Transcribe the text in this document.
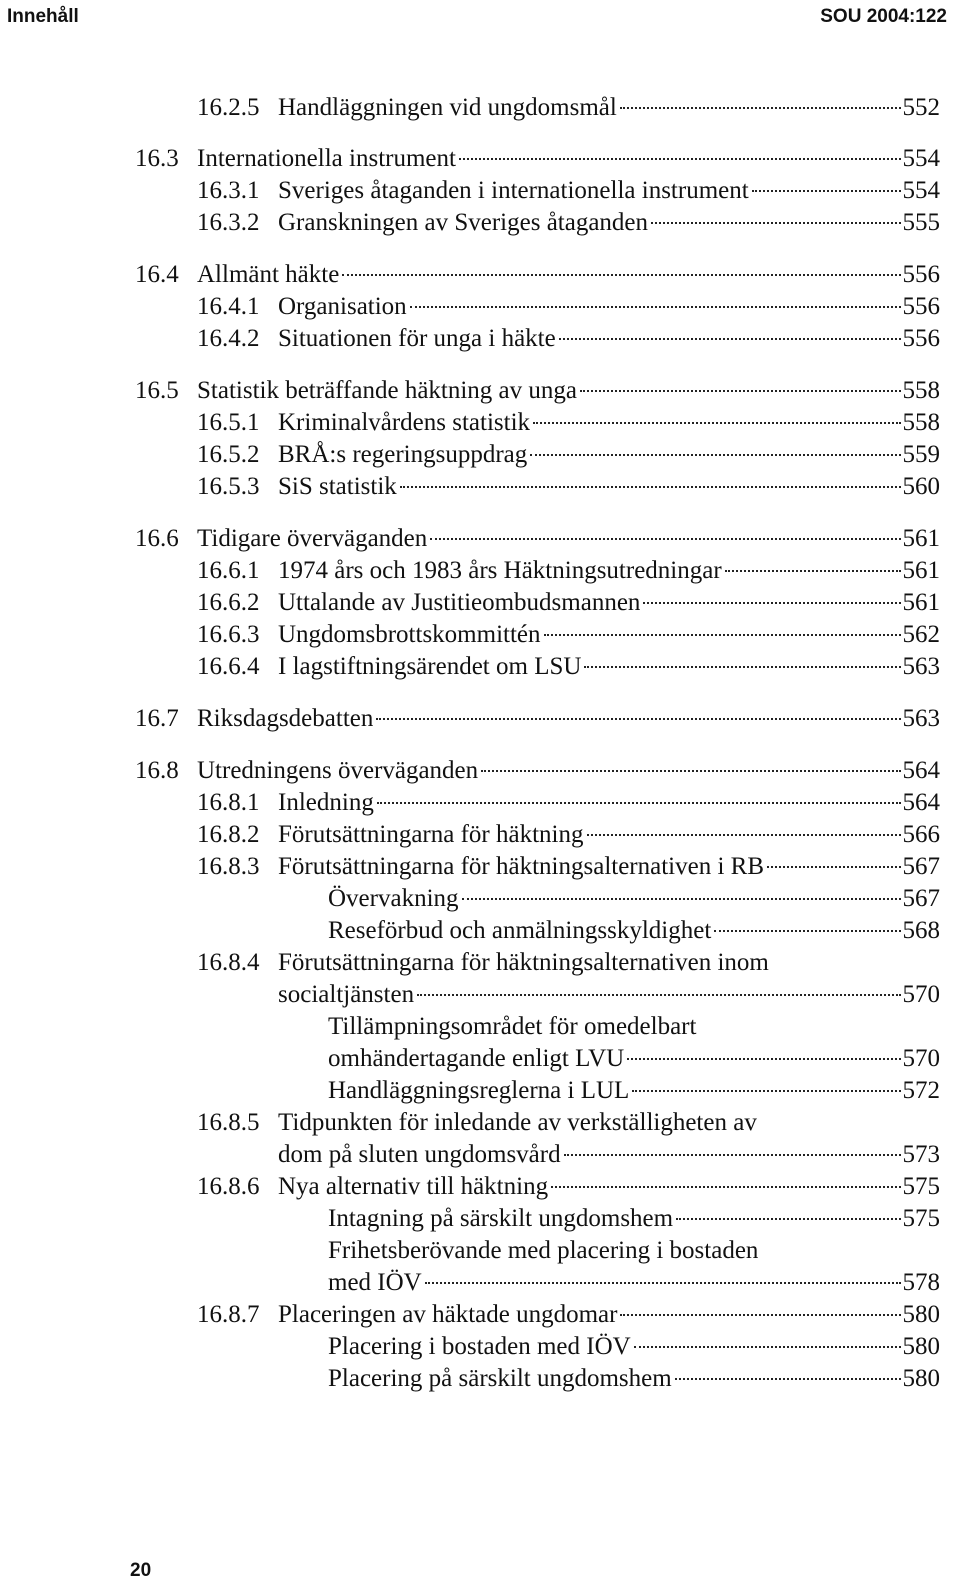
Innehåll	SOU 2004:122
16.2.5 Handläggningen vid ungdomsmål	552
16.3 Internationella instrument	554
16.3.1 Sveriges åtaganden i internationella instrument	554
16.3.2 Granskningen av Sveriges åtaganden	555
16.4 Allmänt häkte	556
16.4.1 Organisation	556
16.4.2 Situationen för unga i häkte	556
16.5 Statistik beträffande häktning av unga	558
16.5.1 Kriminalvårdens statistik	558
16.5.2 BRÅ:s regeringsuppdrag	559
16.5.3 SiS statistik	560
16.6 Tidigare överväganden	561
16.6.1 1974 års och 1983 års Häktningsutredningar	561
16.6.2 Uttalande av Justitieombudsmannen	561
16.6.3 Ungdomsbrottskommittén	562
16.6.4 I lagstiftningsärendet om LSU	563
16.7 Riksdagsdebatten	563
16.8 Utredningens överväganden	564
16.8.1 Inledning	564
16.8.2 Förutsättningarna för häktning	566
16.8.3 Förutsättningarna för häktningsalternativen i RB	567
Övervakning	567
Reseförbud och anmälningsskyldighet	568
16.8.4 Förutsättningarna för häktningsalternativen inom
socialtjänsten	570
Tillämpningsområdet för omedelbart
omhändertagande enligt LVU	570
Handläggningsreglerna i LUL	572
16.8.5 Tidpunkten för inledande av verkställigheten av
dom på sluten ungdomsvård	573
16.8.6 Nya alternativ till häktning	575
Intagning på särskilt ungdomshem	575
Frihetsberövande med placering i bostaden
med IÖV	578
16.8.7 Placeringen av häktade ungdomar	580
Placering i bostaden med IÖV	580
Placering på särskilt ungdomshem	580
20
